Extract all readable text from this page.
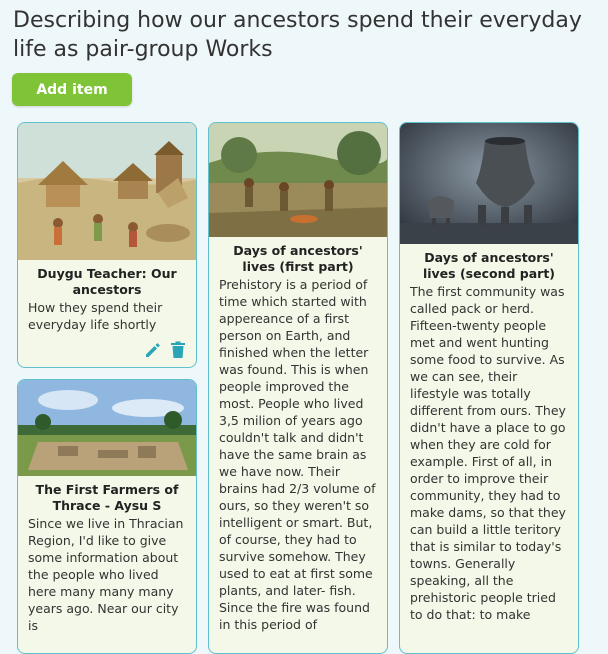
Describing how our ancestors spend their everyday life as pair-group Works
Add item
Duygu Teacher: Our ancestors
How they spend their everyday life shortly
The First Farmers of Thrace - Aysu S
Since we live in Thracian Region, I'd like to give some information about the people who lived here many many many years ago. Near our city is
Days of ancestors' lives (first part)
Prehistory is a period of time which started with appereance of a first person on Earth, and finished when the letter was found. This is when people improved the most. People who lived 3,5 milion of years ago couldn't talk and didn't have the same brain as we have now. Their brains had 2/3 volume of ours, so they weren't so intelligent or smart. But, of course, they had to survive somehow. They used to eat at first some plants, and later- fish. Since the fire was found in this period of
Days of ancestors' lives (second part)
The first community was called pack or herd. Fifteen-twenty people met and went hunting some food to survive. As we can see, their lifestyle was totally different from ours. They didn't have a place to go when they are cold for example. First of all, in order to improve their community, they had to make dams, so that they can build a little teritory that is similar to today's towns. Generally speaking, all the prehistoric people tried to do that: to make
